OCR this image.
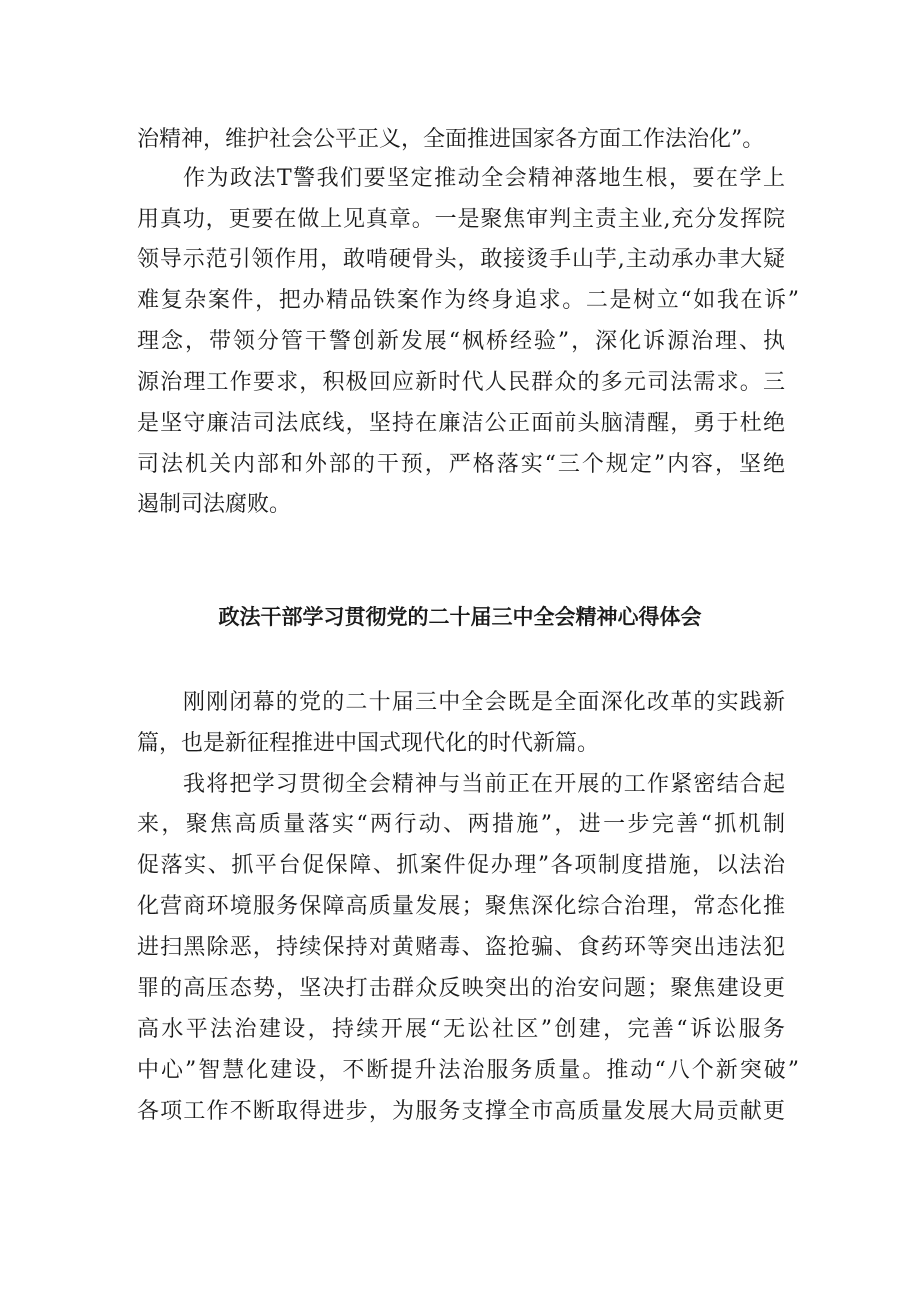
治精神，维护社会公平正义，全面推进国家各方面工作法治化”。
作为政法T警我们要坚定推动全会精神落地生根，要在学上
用真功，更要在做上见真章。一是聚焦审判主责主业,充分发挥院
领导示范引领作用，敢啃硬骨头，敢接烫手山芋,主动承办聿大疑
难复杂案件，把办精品铁案作为终身追求。二是树立“如我在诉”
理念，带领分管干警创新发展“枫桥经验”，深化诉源治理、执
源治理工作要求，积极回应新时代人民群众的多元司法需求。三
是坚守廉洁司法底线，坚持在廉洁公正面前头脑清醒，勇于杜绝
司法机关内部和外部的干预，严格落实“三个规定”内容，坚绝
遏制司法腐败。
政法干部学习贯彻党的二十届三中全会精神心得体会
刚刚闭幕的党的二十届三中全会既是全面深化改革的实践新
篇，也是新征程推进中国式现代化的时代新篇。
我将把学习贯彻全会精神与当前正在开展的工作紧密结合起
来，聚焦高质量落实“两行动、两措施”，进一步完善“抓机制
促落实、抓平台促保障、抓案件促办理”各项制度措施，以法治
化营商环境服务保障高质量发展；聚焦深化综合治理，常态化推
进扫黑除恶，持续保持对黄赌毒、盗抢骗、食药环等突出违法犯
罪的高压态势，坚决打击群众反映突出的治安问题；聚焦建设更
高水平法治建设，持续开展“无讼社区”创建，完善“诉讼服务
中心”智慧化建设，不断提升法治服务质量。推动“八个新突破”
各项工作不断取得进步，为服务支撑全市高质量发展大局贡献更
